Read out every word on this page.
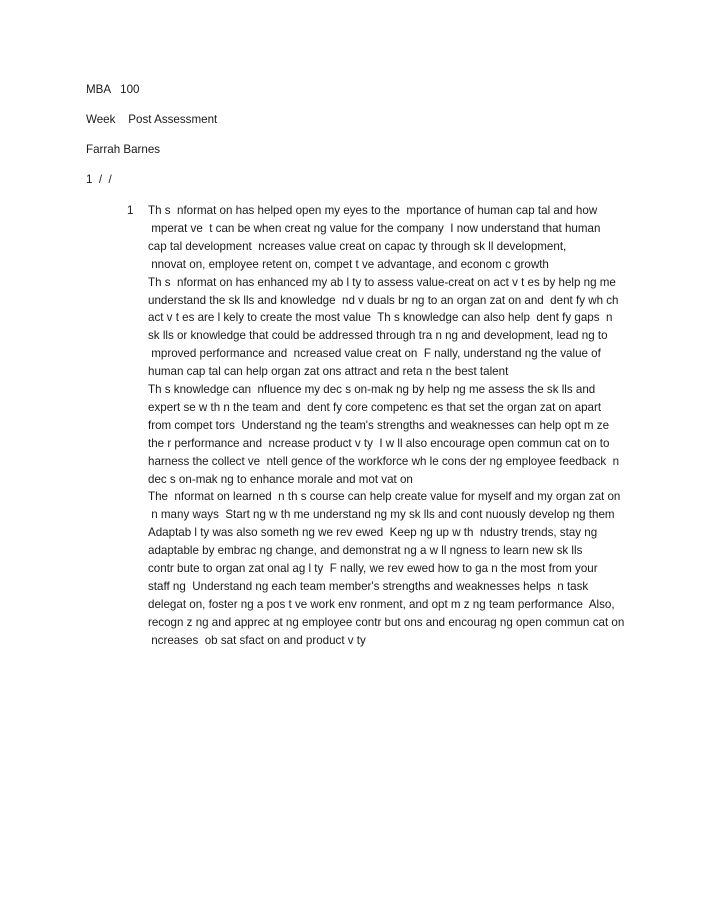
MBA   100
Week    Post Assessment
Farrah Barnes
1  /  /
1 Th s  nformat on has helped open my eyes to the  mportance of human cap tal and how
mperat ve  t can be when creat ng value for the company  I now understand that human
cap tal development  ncreases value creat on capac ty through sk ll development,
nnovat on, employee retent on, compet t ve advantage, and econom c growth
Th s  nformat on has enhanced my ab l ty to assess value-creat on act v t es by help ng me
understand the sk lls and knowledge  nd v duals br ng to an organ zat on and  dent fy wh ch
act v t es are l kely to create the most value  Th s knowledge can also help  dent fy gaps  n
sk lls or knowledge that could be addressed through tra n ng and development, lead ng to
mproved performance and  ncreased value creat on  F nally, understand ng the value of
human cap tal can help organ zat ons attract and reta n the best talent
Th s knowledge can  nfluence my dec s on-mak ng by help ng me assess the sk lls and
expert se w th n the team and  dent fy core competenc es that set the organ zat on apart
from compet tors  Understand ng the team's strengths and weaknesses can help opt m ze
the r performance and  ncrease product v ty  I w ll also encourage open commun cat on to
harness the collect ve  ntell gence of the workforce wh le cons der ng employee feedback  n
dec s on-mak ng to enhance morale and mot vat on
The  nformat on learned  n th s course can help create value for myself and my organ zat on
n many ways  Start ng w th me understand ng my sk lls and cont nuously develop ng them
Adaptab l ty was also someth ng we rev ewed  Keep ng up w th  ndustry trends, stay ng
adaptable by embrac ng change, and demonstrat ng a w ll ngness to learn new sk lls
contr bute to organ zat onal ag l ty  F nally, we rev ewed how to ga n the most from your
staff ng  Understand ng each team member's strengths and weaknesses helps  n task
delegat on, foster ng a pos t ve work env ronment, and opt m z ng team performance  Also,
recogn z ng and apprec at ng employee contr but ons and encourag ng open commun cat on
ncreases  ob sat sfact on and product v ty
